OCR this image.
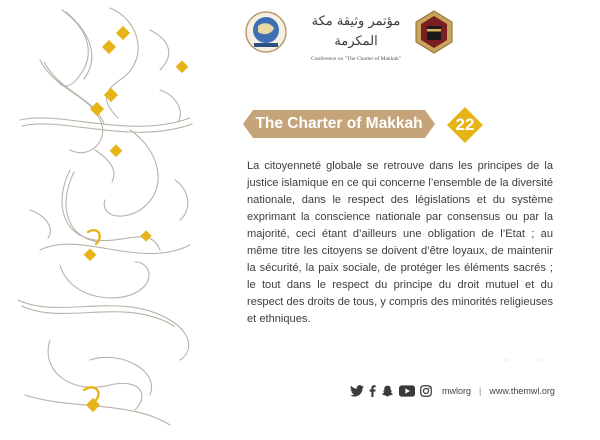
مؤتمر وثيقة مكة المكرمة
Conference on "The Charter of Makkah"
The Charter of Makkah	22

La citoyenneté globale se retrouve dans les principes de la justice islamique en ce qui concerne l’ensemble de la diversité nationale, dans le respect des législations et du système exprimant la conscience nationale par consensus ou par la majorité, ceci étant d’ailleurs une obligation de l’Etat ; au même titre les citoyens se doivent d’être loyaux, de maintenir la sécurité, la paix sociale, de protéger les éléments sacrés ; le tout dans le respect du principe du droit mutuel et du respect des droits de tous, y compris des minorités religieuses et ethniques.

··
mwlorg | www.themwl.org
